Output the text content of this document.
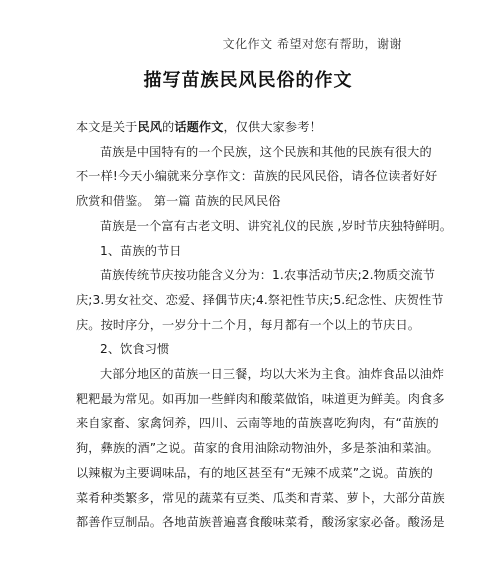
文化作文 希望对您有帮助，谢谢
描写苗族民风民俗的作文
本文是关于民风的话题作文，仅供大家参考！
苗族是中国特有的一个民族，这个民族和其他的民族有很大的
不一样!今天小编就来分享作文：苗族的民风民俗，请各位读者好好
欣赏和借鉴。 第一篇 苗族的民风民俗
苗族是一个富有古老文明、讲究礼仪的民族 ,岁时节庆独特鲜明。
1、苗族的节日
苗族传统节庆按功能含义分为：1.农事活动节庆;2.物质交流节
庆;3.男女社交、恋爱、择偶节庆;4.祭祀性节庆;5.纪念性、庆贺性节
庆。按时序分，一岁分十二个月，每月都有一个以上的节庆日。
2、饮食习惯
大部分地区的苗族一日三餐，均以大米为主食。油炸食品以油炸
粑粑最为常见。如再加一些鲜肉和酸菜做馅，味道更为鲜美。肉食多
来自家畜、家禽饲养，四川、云南等地的苗族喜吃狗肉，有“苗族的
狗，彝族的酒”之说。苗家的食用油除动物油外，多是茶油和菜油。
以辣椒为主要调味品，有的地区甚至有“无辣不成菜”之说。苗族的
菜肴种类繁多，常见的蔬菜有豆类、瓜类和青菜、萝卜，大部分苗族
都善作豆制品。各地苗族普遍喜食酸味菜肴，酸汤家家必备。酸汤是
